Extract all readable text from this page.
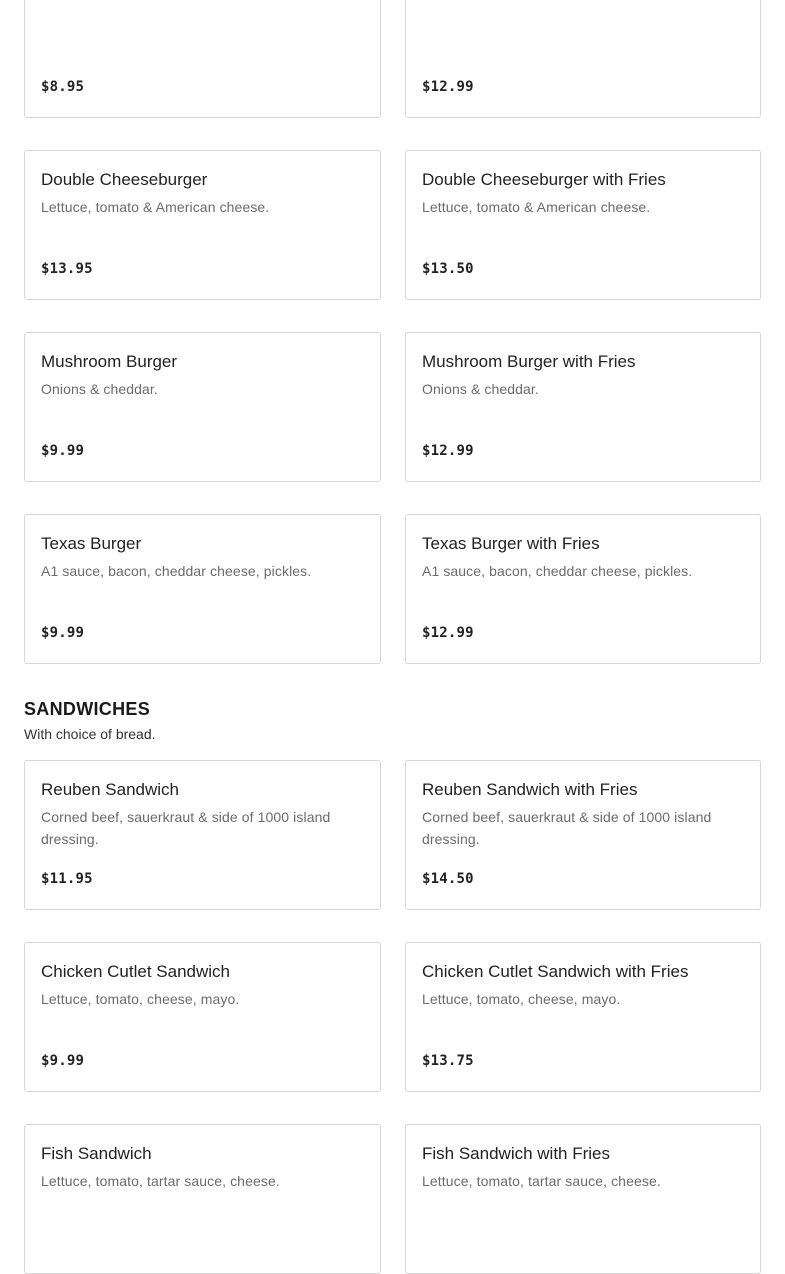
$8.95	$12.99
Double Cheeseburger
Lettuce, tomato & American cheese.
$13.95
Double Cheeseburger with Fries
Lettuce, tomato & American cheese.
$13.50
Mushroom Burger
Onions & cheddar.
$9.99
Mushroom Burger with Fries
Onions & cheddar.
$12.99
Texas Burger
A1 sauce, bacon, cheddar cheese, pickles.
$9.99
Texas Burger with Fries
A1 sauce, bacon, cheddar cheese, pickles.
$12.99
SANDWICHES
With choice of bread.
Reuben Sandwich
Corned beef, sauerkraut & side of 1000 island dressing.
$11.95
Reuben Sandwich with Fries
Corned beef, sauerkraut & side of 1000 island dressing.
$14.50
Chicken Cutlet Sandwich
Lettuce, tomato, cheese, mayo.
$9.99
Chicken Cutlet Sandwich with Fries
Lettuce, tomato, cheese, mayo.
$13.75
Fish Sandwich
Lettuce, tomato, tartar sauce, cheese.
Fish Sandwich with Fries
Lettuce, tomato, tartar sauce, cheese.
